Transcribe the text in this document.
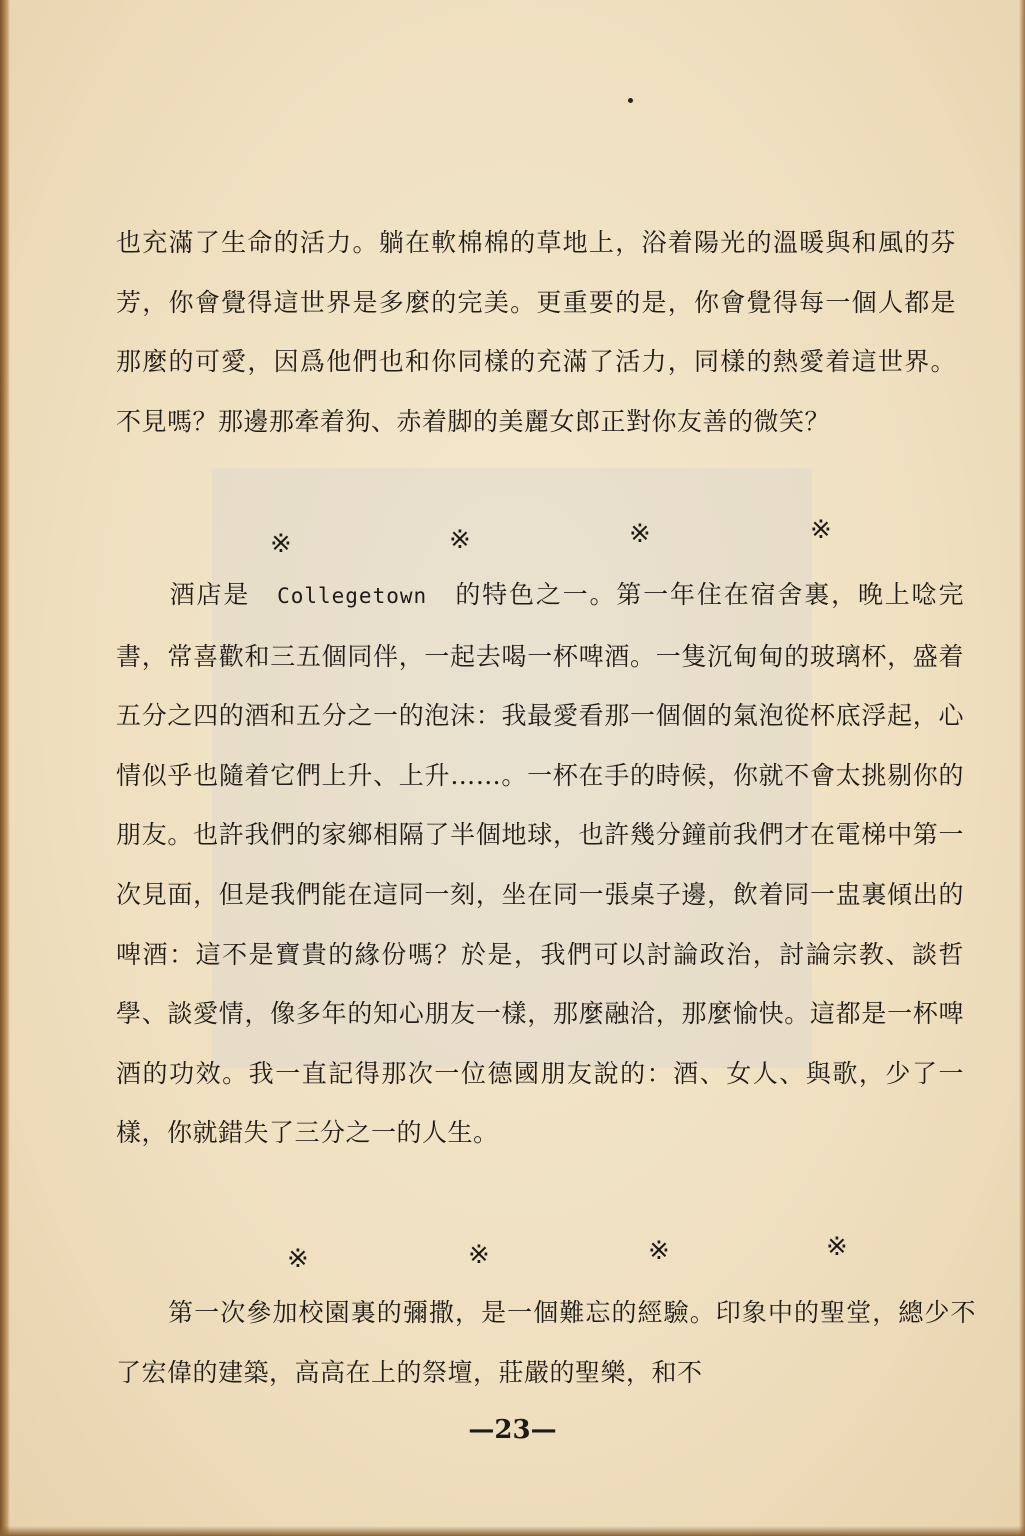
也充滿了生命的活力。躺在軟棉棉的草地上，浴着陽光的溫暖與和風的芬芳，你會覺得這世界是多麼的完美。更重要的是，你會覺得每一個人都是那麼的可愛，因爲他們也和你同樣的充滿了活力，同樣的熱愛着這世界。不見嗎？那邊那牽着狗、赤着脚的美麗女郎正對你友善的微笑？

※	※	※	※

　　酒店是　 Collegetown　 的特色之一。第一年住在宿舍裏，晚上唸完書，常喜歡和三五個同伴，一起去喝一杯啤酒。一隻沉甸甸的玻璃杯，盛着五分之四的酒和五分之一的泡沫：我最愛看那一個個的氣泡從杯底浮起，心情似乎也隨着它們上升、上升……。一杯在手的時候，你就不會太挑剔你的朋友。也許我們的家鄉相隔了半個地球，也許幾分鐘前我們才在電梯中第一次見面，但是我們能在這同一刻，坐在同一張桌子邊，飲着同一盅裏傾出的啤酒：這不是寶貴的緣份嗎？於是，我們可以討論政治，討論宗教、談哲學、談愛情，像多年的知心朋友一樣，那麼融洽，那麼愉快。這都是一杯啤酒的功效。我一直記得那次一位德國朋友說的：酒、女人、與歌，少了一樣，你就錯失了三分之一的人生。

※	※	※	※

　　第一次參加校園裏的彌撒，是一個難忘的經驗。印象中的聖堂，總少不了宏偉的建築，高高在上的祭壇，莊嚴的聖樂，和不

—23—
